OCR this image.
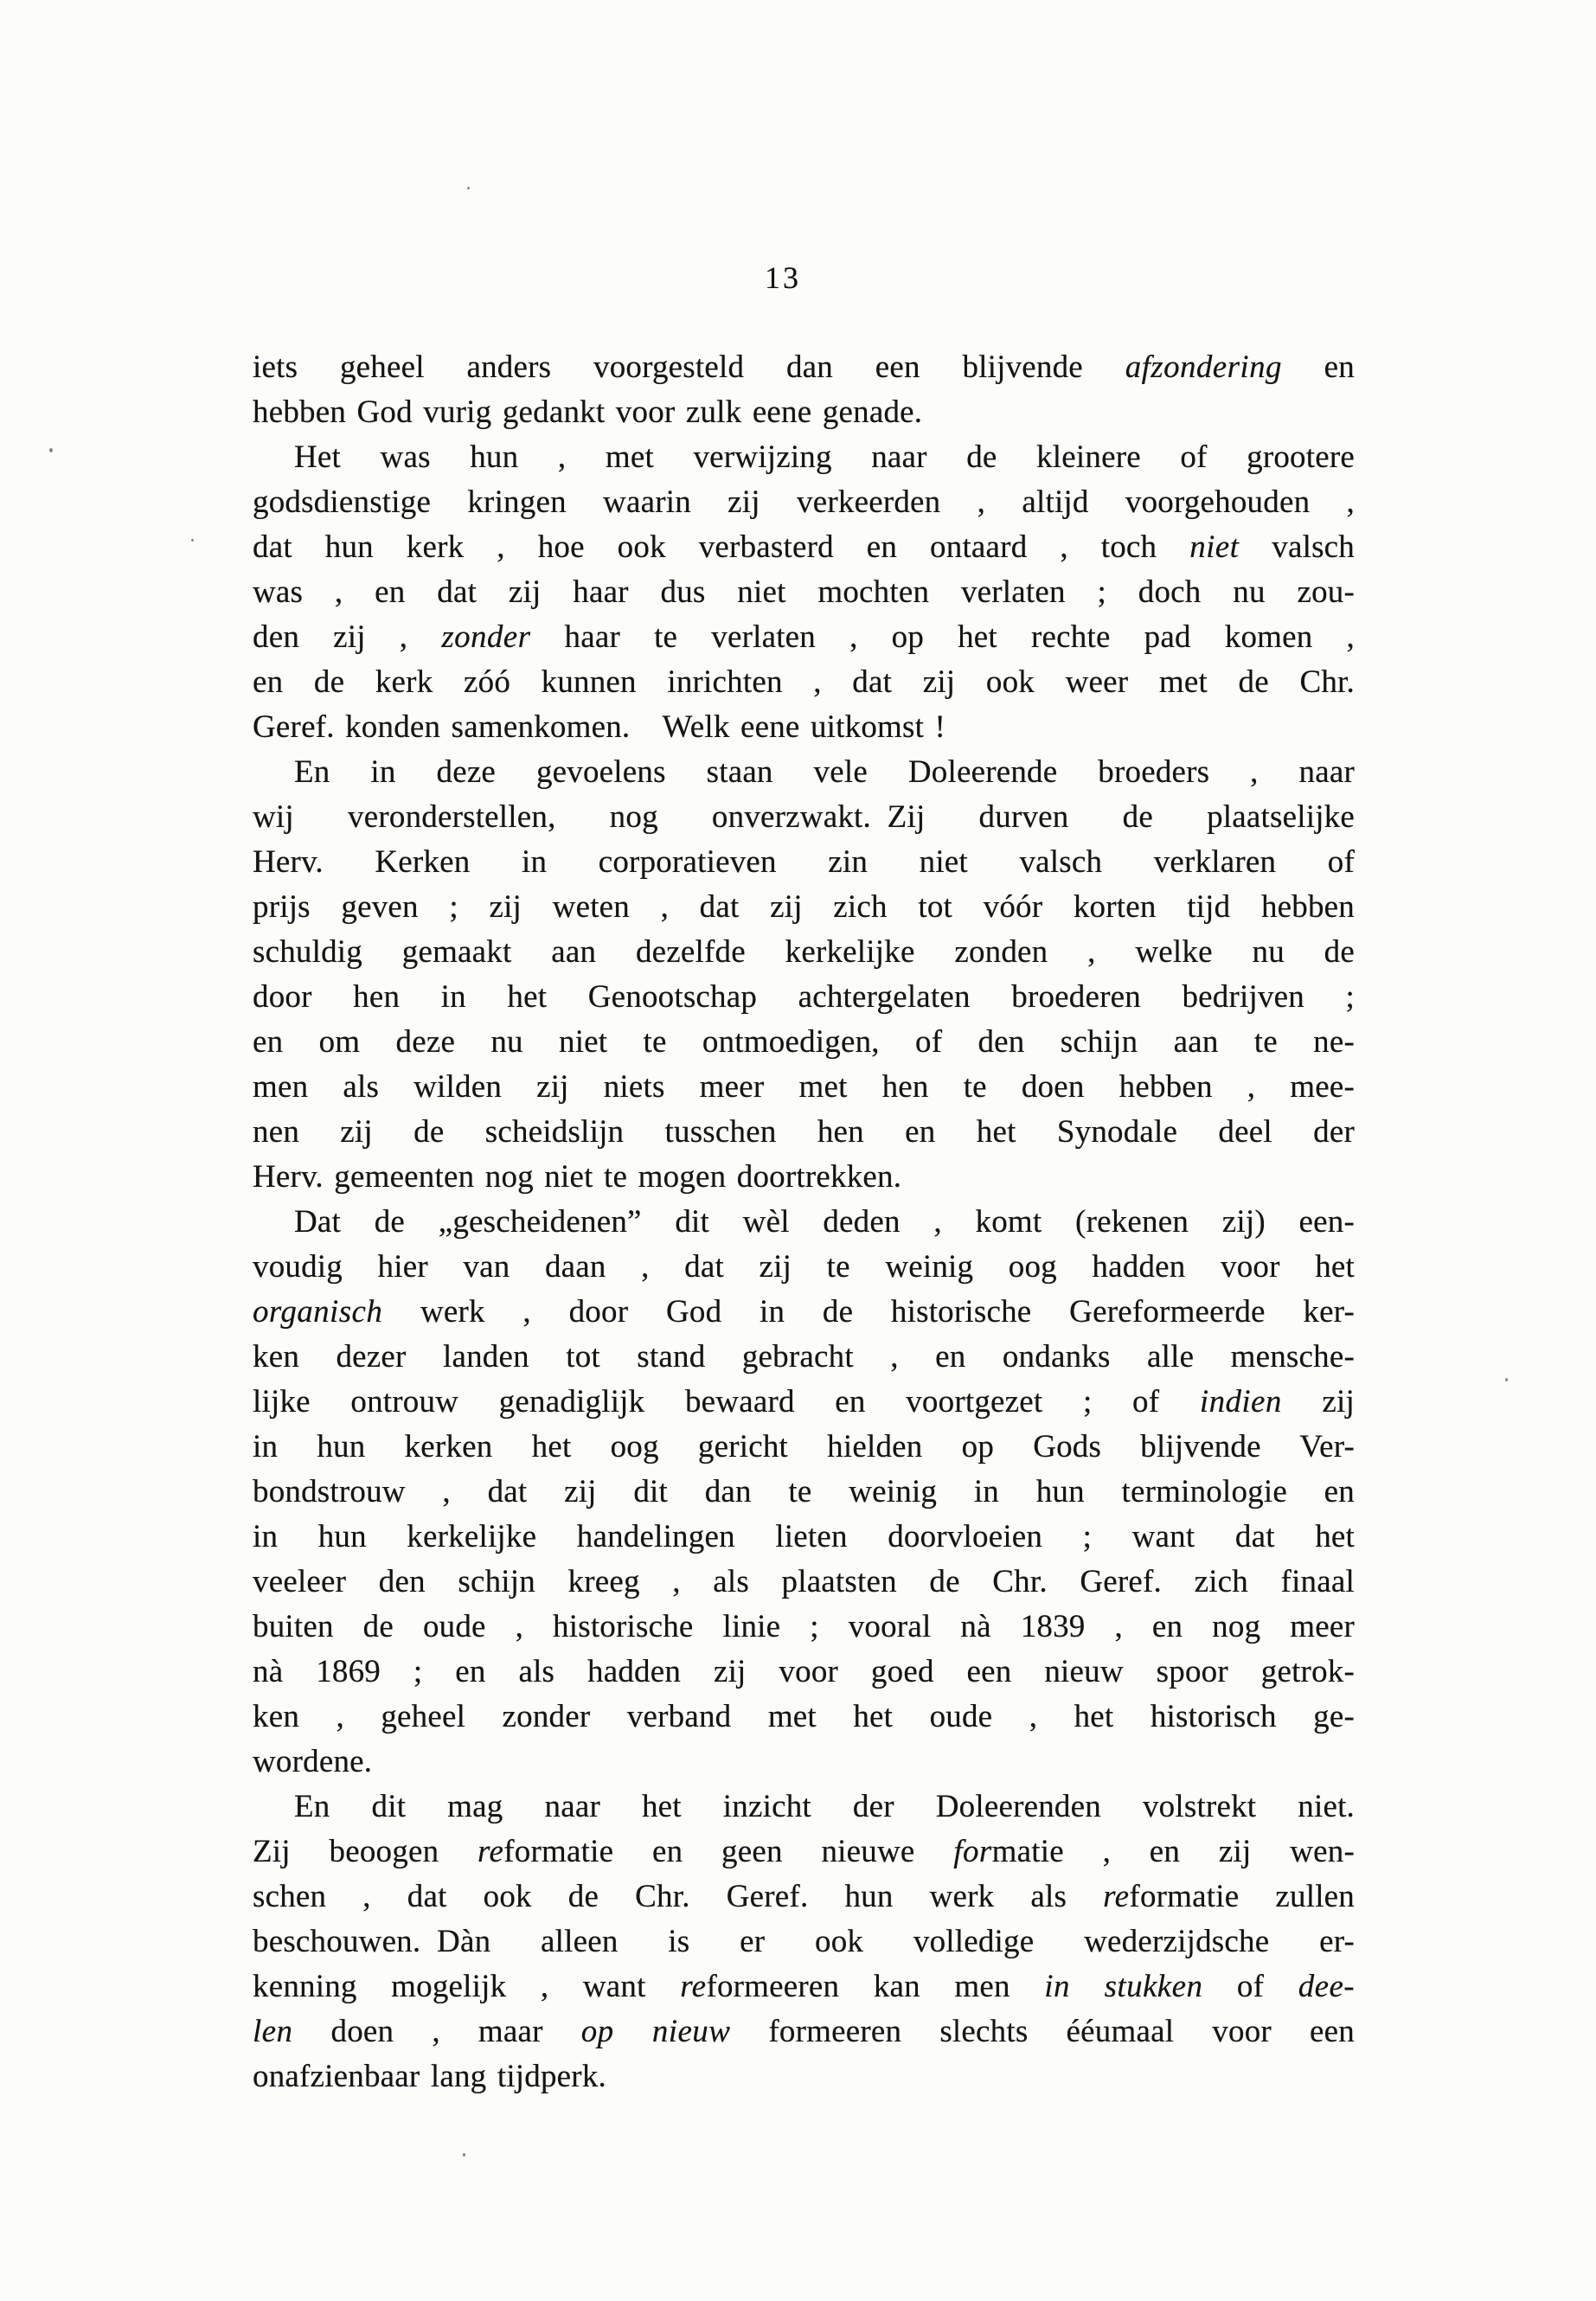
13
iets geheel anders voorgesteld dan een blijvende afzondering en
hebben God vurig gedankt voor zulk eene genade.
Het was hun , met verwijzing naar de kleinere of grootere
godsdienstige kringen waarin zij verkeerden , altijd voorgehouden ,
dat hun kerk , hoe ook verbasterd en ontaard , toch niet valsch
was , en dat zij haar dus niet mochten verlaten ; doch nu zou-
den zij , zonder haar te verlaten , op het rechte pad komen ,
en de kerk zóó kunnen inrichten , dat zij ook weer met de Chr.
Geref. konden samenkomen. Welk eene uitkomst !
En in deze gevoelens staan vele Doleerende broeders , naar
wij veronderstellen, nog onverzwakt. Zij durven de plaatselijke
Herv. Kerken in corporatieven zin niet valsch verklaren of
prijs geven ; zij weten , dat zij zich tot vóór korten tijd hebben
schuldig gemaakt aan dezelfde kerkelijke zonden , welke nu de
door hen in het Genootschap achtergelaten broederen bedrijven ;
en om deze nu niet te ontmoedigen, of den schijn aan te ne-
men als wilden zij niets meer met hen te doen hebben , mee-
nen zij de scheidslijn tusschen hen en het Synodale deel der
Herv. gemeenten nog niet te mogen doortrekken.
Dat de „gescheidenen” dit wèl deden , komt (rekenen zij) een-
voudig hier van daan , dat zij te weinig oog hadden voor het
organisch werk , door God in de historische Gereformeerde ker-
ken dezer landen tot stand gebracht , en ondanks alle mensche-
lijke ontrouw genadiglijk bewaard en voortgezet ; of indien zij
in hun kerken het oog gericht hielden op Gods blijvende Ver-
bondstrouw , dat zij dit dan te weinig in hun terminologie en
in hun kerkelijke handelingen lieten doorvloeien ; want dat het
veeleer den schijn kreeg , als plaatsten de Chr. Geref. zich finaal
buiten de oude , historische linie ; vooral nà 1839 , en nog meer
nà 1869 ; en als hadden zij voor goed een nieuw spoor getrok-
ken , geheel zonder verband met het oude , het historisch ge-
wordene.
En dit mag naar het inzicht der Doleerenden volstrekt niet.
Zij beoogen reformatie en geen nieuwe formatie , en zij wen-
schen , dat ook de Chr. Geref. hun werk als reformatie zullen
beschouwen. Dàn alleen is er ook volledige wederzijdsche er-
kenning mogelijk , want reformeeren kan men in stukken of dee-
len doen , maar op nieuw formeeren slechts ééumaal voor een
onafzienbaar lang tijdperk.
